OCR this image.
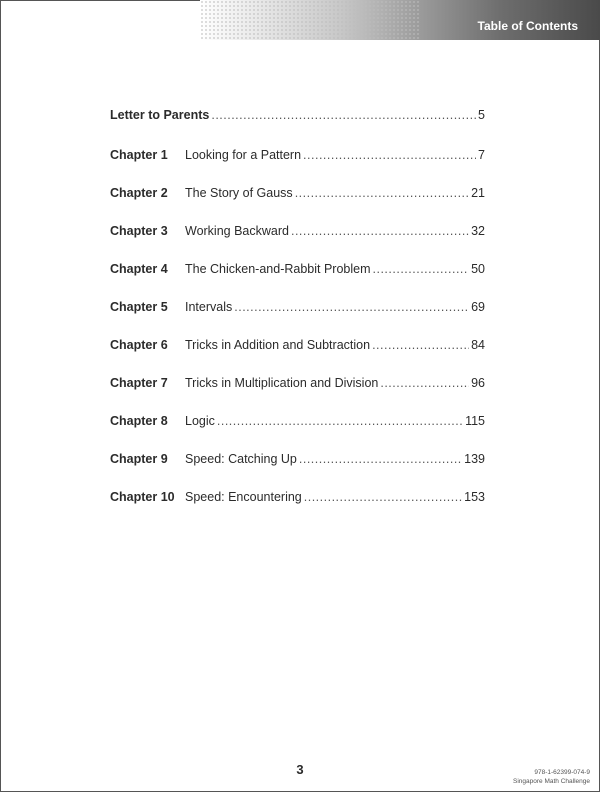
Table of Contents
Letter to Parents .....	5
Chapter 1	Looking for a Pattern .....	7
Chapter 2	The Story of Gauss .....	21
Chapter 3	Working Backward .....	32
Chapter 4	The Chicken-and-Rabbit Problem .....	50
Chapter 5	Intervals .....	69
Chapter 6	Tricks in Addition and Subtraction .....	84
Chapter 7	Tricks in Multiplication and Division .....	96
Chapter 8	Logic .....	115
Chapter 9	Speed: Catching Up .....	139
Chapter 10 Speed: Encountering .....	153
3	978-1-62399-074-9
Singapore Math Challenge
